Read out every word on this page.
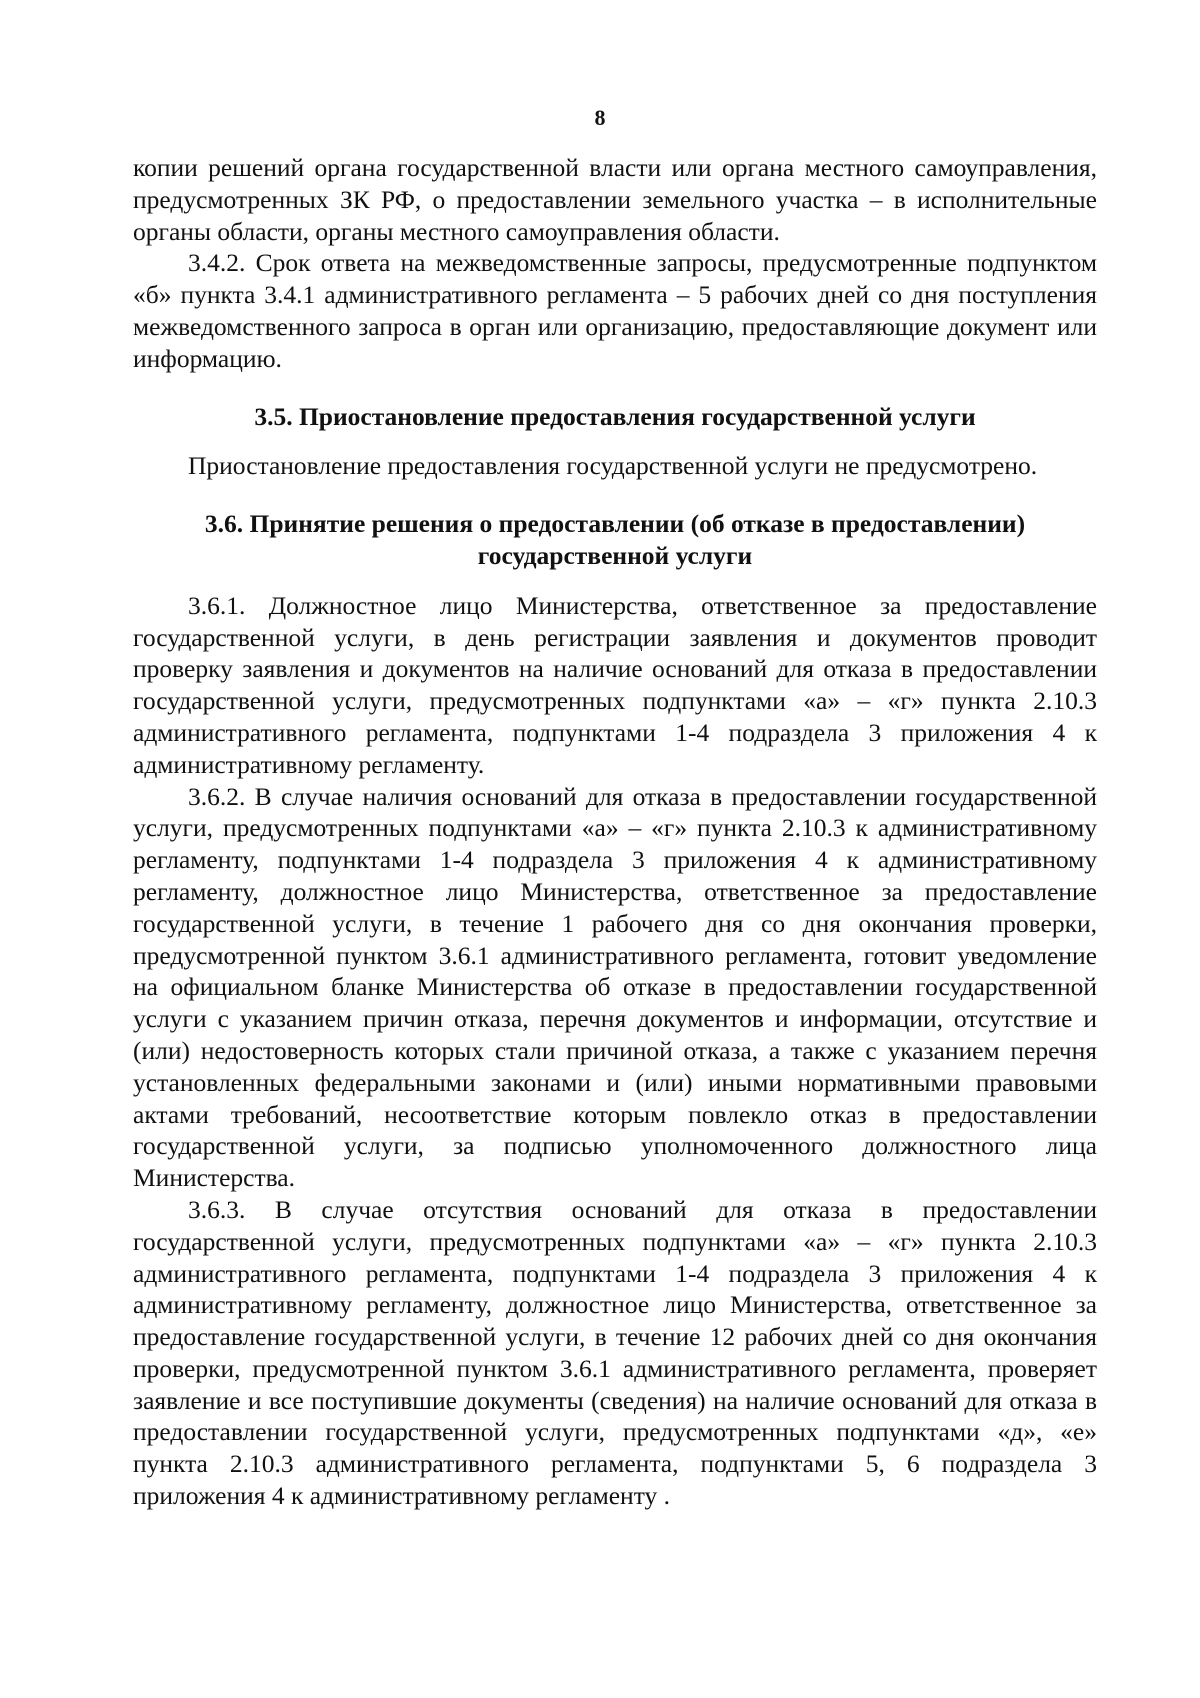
8

копии решений органа государственной власти или органа местного самоуправления, предусмотренных ЗК РФ, о предоставлении земельного участка – в исполнительные органы области, органы местного самоуправления области.

3.4.2. Срок ответа на межведомственные запросы, предусмотренные подпунктом «б» пункта 3.4.1 административного регламента – 5 рабочих дней со дня поступления межведомственного запроса в орган или организацию, предоставляющие документ или информацию.

3.5. Приостановление предоставления государственной услуги

Приостановление предоставления государственной услуги не предусмотрено.

3.6. Принятие решения о предоставлении (об отказе в предоставлении)

государственной услуги

3.6.1. Должностное лицо Министерства, ответственное за предоставление государственной услуги, в день регистрации заявления и документов проводит проверку заявления и документов на наличие оснований для отказа в предоставлении государственной услуги, предусмотренных подпунктами «а» – «г» пункта 2.10.3 административного регламента, подпунктами 1-4 подраздела 3 приложения 4 к административному регламенту.

3.6.2. В случае наличия оснований для отказа в предоставлении государственной услуги, предусмотренных подпунктами «а» – «г» пункта 2.10.3 к административному регламенту, подпунктами 1-4 подраздела 3 приложения 4 к административному регламенту, должностное лицо Министерства, ответственное за предоставление государственной услуги, в течение 1 рабочего дня со дня окончания проверки, предусмотренной пунктом 3.6.1 административного регламента, готовит уведомление на официальном бланке Министерства об отказе в предоставлении государственной услуги с указанием причин отказа, перечня документов и информации, отсутствие и (или) недостоверность которых стали причиной отказа, а также с указанием перечня установленных федеральными законами и (или) иными нормативными правовыми актами требований, несоответствие которым повлекло отказ в предоставлении государственной услуги, за подписью уполномоченного должностного лица Министерства.

3.6.3. В случае отсутствия оснований для отказа в предоставлении государственной услуги, предусмотренных подпунктами «а» – «г» пункта 2.10.3 административного регламента, подпунктами 1-4 подраздела 3 приложения 4 к административному регламенту, должностное лицо Министерства, ответственное за предоставление государственной услуги, в течение 12 рабочих дней со дня окончания проверки, предусмотренной пунктом 3.6.1 административного регламента, проверяет заявление и все поступившие документы (сведения) на наличие оснований для отказа в предоставлении государственной услуги, предусмотренных подпунктами «д», «е» пункта 2.10.3 административного регламента, подпунктами 5, 6 подраздела 3 приложения 4 к административному регламенту .
